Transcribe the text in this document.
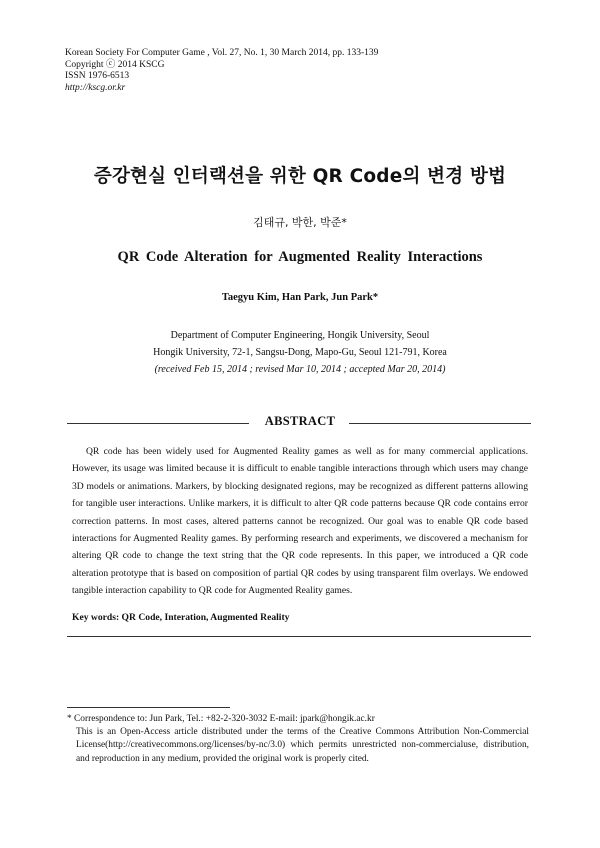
Korean Society For Computer Game , Vol. 27, No. 1, 30 March 2014, pp. 133-139
Copyright ⓒ 2014 KSCG
ISSN 1976-6513
http://kscg.or.kr
증강현실 인터랙션을 위한 QR Code의 변경 방법
김태규, 박한, 박준*
QR Code Alteration for Augmented Reality Interactions
Taegyu Kim, Han Park, Jun Park*
Department of Computer Engineering, Hongik University, Seoul
Hongik University, 72-1, Sangsu-Dong, Mapo-Gu, Seoul 121-791, Korea
(received Feb 15, 2014 ; revised Mar 10, 2014 ; accepted Mar 20, 2014)
ABSTRACT
QR code has been widely used for Augmented Reality games as well as for many commercial applications. However, its usage was limited because it is difficult to enable tangible interactions through which users may change 3D models or animations. Markers, by blocking designated regions, may be recognized as different patterns allowing for tangible user interactions. Unlike markers, it is difficult to alter QR code patterns because QR code contains error correction patterns. In most cases, altered patterns cannot be recognized. Our goal was to enable QR code based interactions for Augmented Reality games. By performing research and experiments, we discovered a mechanism for altering QR code to change the text string that the QR code represents. In this paper, we introduced a QR code alteration prototype that is based on composition of partial QR codes by using transparent film overlays. We endowed tangible interaction capability to QR code for Augmented Reality games.
Key words: QR Code, Interation, Augmented Reality
* Correspondence to: Jun Park, Tel.: +82-2-320-3032 E-mail: jpark@hongik.ac.kr
This is an Open-Access article distributed under the terms of the Creative Commons Attribution Non-Commercial License(http://creativecommons.org/licenses/by-nc/3.0) which permits unrestricted non-commercialuse, distribution, and reproduction in any medium, provided the original work is properly cited.
